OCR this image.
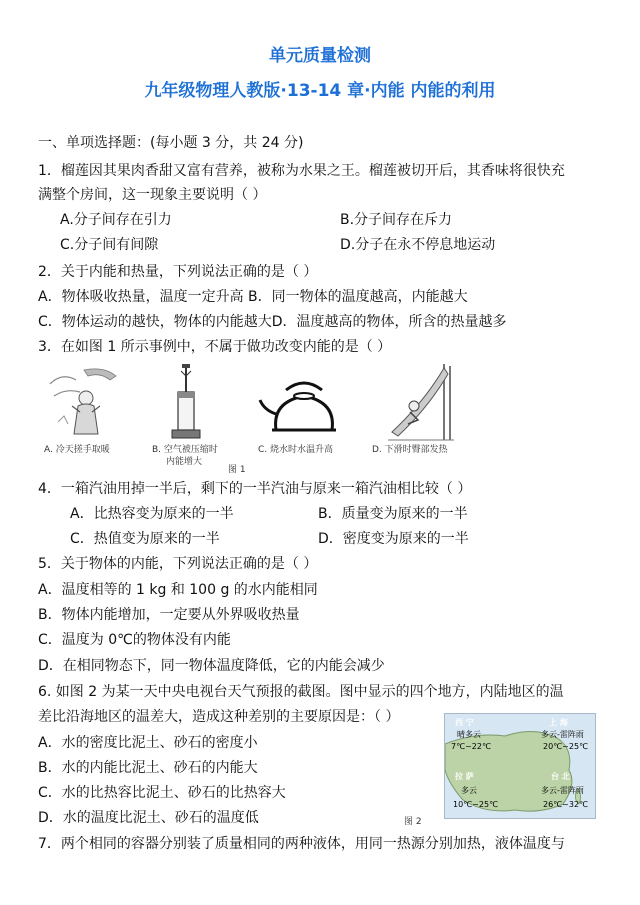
单元质量检测
九年级物理人教版·13-14 章·内能 内能的利用
一、单项选择题：(每小题 3 分，共 24 分)
1．榴莲因其果肉香甜又富有营养，被称为水果之王。榴莲被切开后，其香味将很快充
满整个房间，这一现象主要说明（ ）
A.分子间存在引力	B.分子间存在斥力
C.分子间有间隙	D.分子在永不停息地运动
2．关于内能和热量，下列说法正确的是（ ）
A．物体吸收热量，温度一定升高 B．同一物体的温度越高，内能越大
C．物体运动的越快，物体的内能越大D．温度越高的物体，所含的热量越多
3．在如图 1 所示事例中，不属于做功改变内能的是（ ）
A. 冷天搓手取暖	B. 空气被压缩时
内能增大
C. 烧水时水温升高	D. 下滑时臀部发热
图 1
4．一箱汽油用掉一半后，剩下的一半汽油与原来一箱汽油相比较（ ）
A．比热容变为原来的一半	B．质量变为原来的一半
C．热值变为原来的一半	D．密度变为原来的一半
5．关于物体的内能，下列说法正确的是（ ）
A．温度相等的 1 kg 和 100 g 的水内能相同
B．物体内能增加，一定要从外界吸收热量
C．温度为 0℃的物体没有内能
D．在相同物态下，同一物体温度降低，它的内能会减少
6. 如图 2 为某一天中央电视台天气预报的截图。图中显示的四个地方，内陆地区的温
差比沿海地区的温差大，造成这种差别的主要原因是：（ ）
A．水的密度比泥土、砂石的密度小
B．水的内能比泥土、砂石的内能大
C．水的比热容比泥土、砂石的比热容大
D．水的温度比泥土、砂石的温度低
西 宁
晴多云
7℃~22℃
上 海
多云-雷阵雨
20℃~25℃
拉 萨
多云
10℃~25℃
台 北
多云-雷阵雨
26℃~32℃
图 2
7．两个相同的容器分别装了质量相同的两种液体，用同一热源分别加热，液体温度与
